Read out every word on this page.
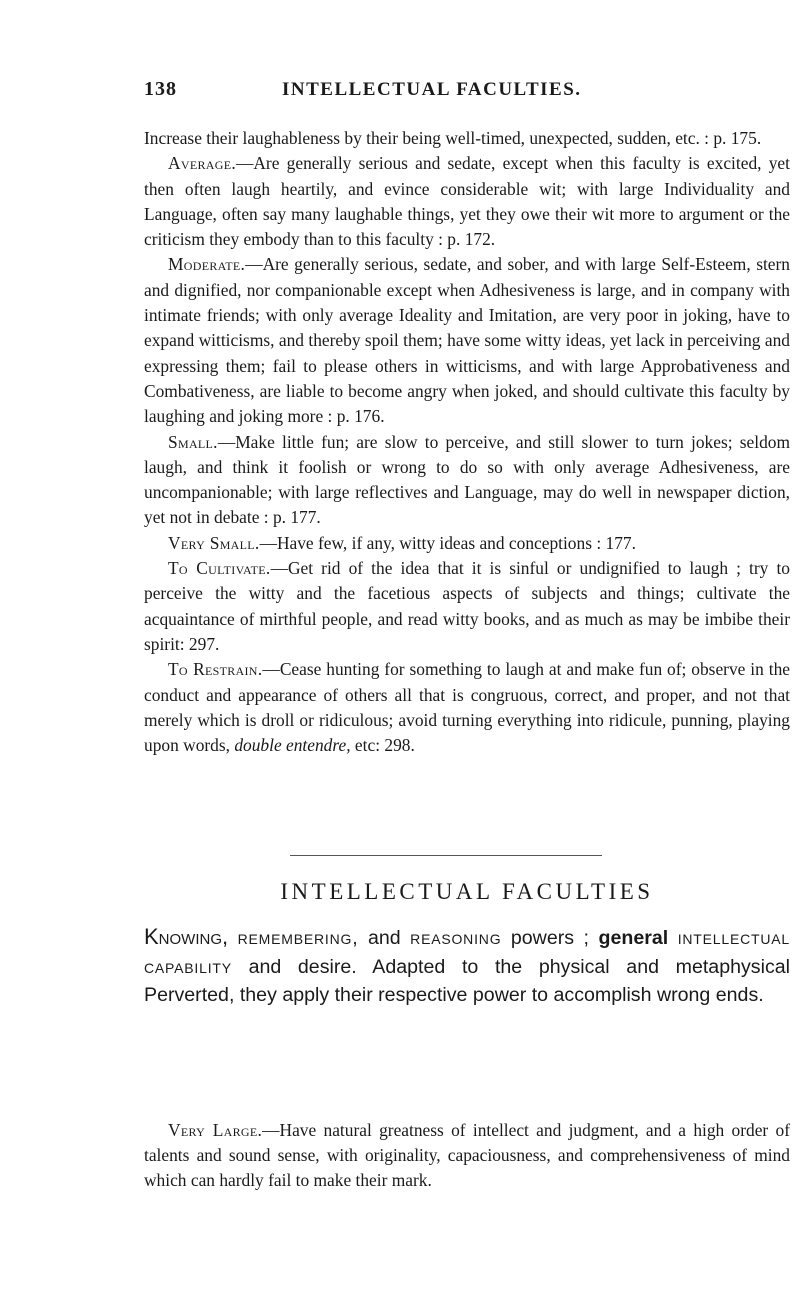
138	INTELLECTUAL FACULTIES.

Increase their laughableness by their being well-timed, unexpected, sudden, etc. : p. 175.

Average.—Are generally serious and sedate, except when this faculty is excited, yet then often laugh heartily, and evince considerable wit; with large Individuality and Language, often say many laughable things, yet they owe their wit more to argument or the criticism they embody than to this faculty : p. 172.

Moderate.—Are generally serious, sedate, and sober, and with large Self-Esteem, stern and dignified, nor companionable except when Adhesiveness is large, and in company with intimate friends; with only average Ideality and Imitation, are very poor in joking, have to expand witticisms, and thereby spoil them; have some witty ideas, yet lack in perceiving and expressing them; fail to please others in witticisms, and with large Approbativeness and Combativeness, are liable to become angry when joked, and should cultivate this faculty by laughing and joking more : p. 176.

Small.—Make little fun; are slow to perceive, and still slower to turn jokes; seldom laugh, and think it foolish or wrong to do so with only average Adhesiveness, are uncompanionable; with large reflectives and Language, may do well in newspaper diction, yet not in debate : p. 177.

Very Small.—Have few, if any, witty ideas and conceptions : 177.

To Cultivate.—Get rid of the idea that it is sinful or undignified to laugh ; try to perceive the witty and the facetious aspects of subjects and things; cultivate the acquaintance of mirthful people, and read witty books, and as much as may be imbibe their spirit: 297.

To Restrain.—Cease hunting for something to laugh at and make fun of; observe in the conduct and appearance of others all that is congruous, correct, and proper, and not that merely which is droll or ridiculous; avoid turning everything into ridicule, punning, playing upon words, double entendre, etc: 298.

INTELLECTUAL FACULTIES

Knowing, remembering, and reasoning powers ; general intellectual capability and desire. Adapted to the physical and metaphysical Perverted, they apply their respective power to accomplish wrong ends.

Very Large.—Have natural greatness of intellect and judgment, and a high order of talents and sound sense, with originality, capaciousness, and comprehensiveness of mind which can hardly fail to make their mark.
